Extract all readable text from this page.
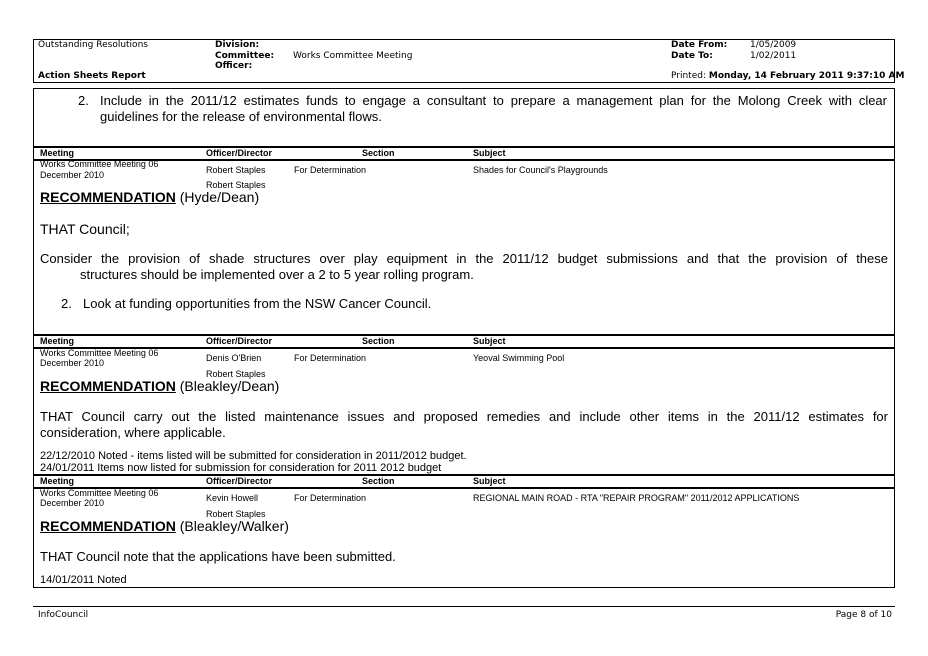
Outstanding Resolutions
Action Sheets Report
Division:
Committee: Works Committee Meeting
Officer:
Date From:	1/05/2009
Date To:	1/02/2011
Printed: Monday, 14 February 2011 9:37:10 AM
2. Include in the 2011/12 estimates funds to engage a consultant to prepare a management plan for the Molong Creek with clear
guidelines for the release of environmental flows.
Meeting	Officer/Director	Section	Subject
Works Committee Meeting 06
December 2010	Robert Staples	For Determination	Shades for Council's Playgrounds
Robert Staples
RECOMMENDATION (Hyde/Dean)
THAT Council;
Consider the provision of shade structures over play equipment in the 2011/12 budget submissions and that the provision of these
structures should be implemented over a 2 to 5 year rolling program.
2. Look at funding opportunities from the NSW Cancer Council.
Meeting	Officer/Director	Section	Subject
Works Committee Meeting 06
December 2010	Denis O'Brien	For Determination	Yeoval Swimming Pool
Robert Staples
RECOMMENDATION (Bleakley/Dean)
THAT Council carry out the listed maintenance issues and proposed remedies and include other items in the 2011/12 estimates for
consideration, where applicable.
22/12/2010 Noted - items listed will be submitted for consideration in 2011/2012 budget.
24/01/2011 Items now listed for submission for consideration for 2011 2012 budget
Meeting	Officer/Director	Section	Subject
Works Committee Meeting 06
December 2010	Kevin Howell	For Determination	REGIONAL MAIN ROAD - RTA "REPAIR PROGRAM" 2011/2012 APPLICATIONS
Robert Staples
RECOMMENDATION (Bleakley/Walker)
THAT Council note that the applications have been submitted.
14/01/2011 Noted
InfoCouncil	Page 8 of 10
